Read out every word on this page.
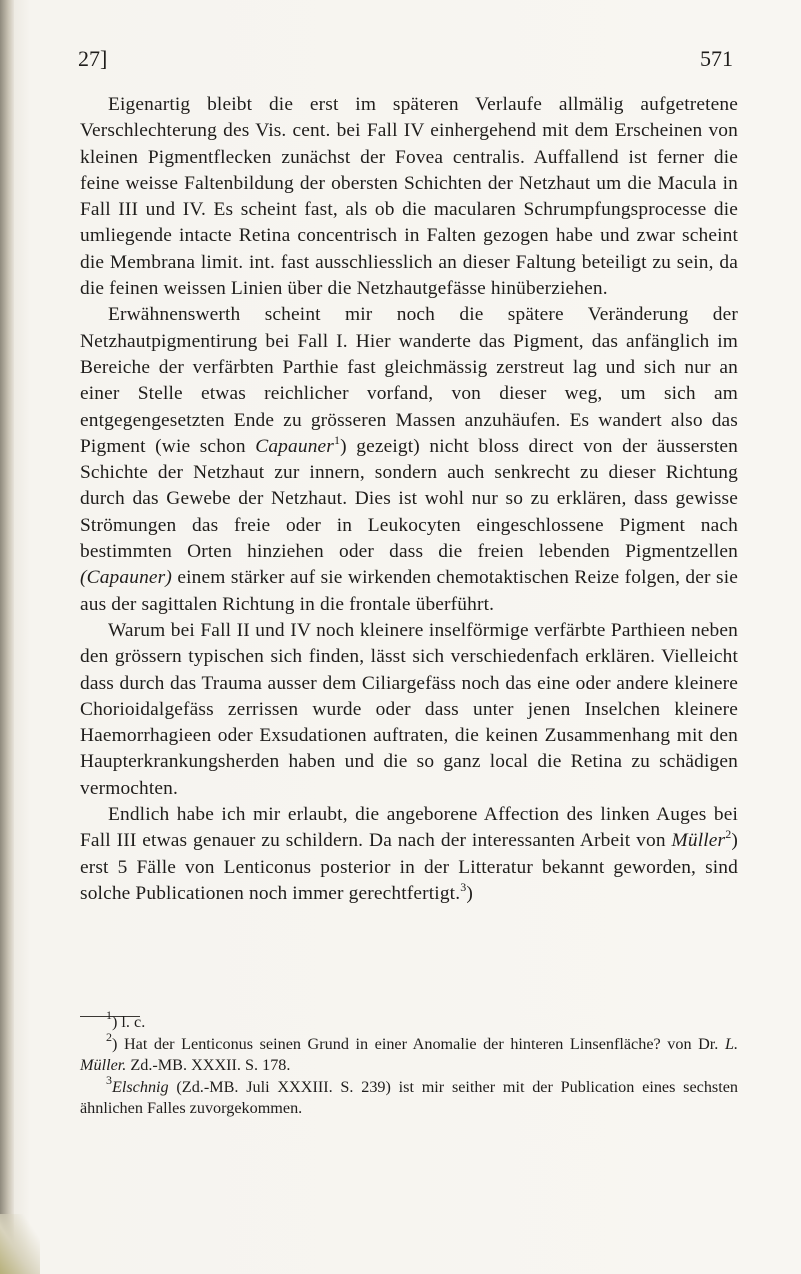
27]	571

Eigenartig bleibt die erst im späteren Verlaufe allmälig aufgetretene Verschlechterung des Vis. cent. bei Fall IV einhergehend mit dem Erscheinen von kleinen Pigmentflecken zunächst der Fovea centralis. Auffallend ist ferner die feine weisse Faltenbildung der obersten Schichten der Netzhaut um die Macula in Fall III und IV. Es scheint fast, als ob die macularen Schrumpfungsprocesse die umliegende intacte Retina concentrisch in Falten gezogen habe und zwar scheint die Membrana limit. int. fast ausschliesslich an dieser Faltung beteiligt zu sein, da die feinen weissen Linien über die Netzhautgefässe hinüberziehen.

Erwähnenswerth scheint mir noch die spätere Veränderung der Netzhautpigmentirung bei Fall I. Hier wanderte das Pigment, das anfänglich im Bereiche der verfärbten Parthie fast gleichmässig zerstreut lag und sich nur an einer Stelle etwas reichlicher vorfand, von dieser weg, um sich am entgegengesetzten Ende zu grösseren Massen anzuhäufen. Es wandert also das Pigment (wie schon Capauner$^1$) gezeigt) nicht bloss direct von der äussersten Schichte der Netzhaut zur innern, sondern auch senkrecht zu dieser Richtung durch das Gewebe der Netzhaut. Dies ist wohl nur so zu erklären, dass gewisse Strömungen das freie oder in Leukocyten eingeschlossene Pigment nach bestimmten Orten hinziehen oder dass die freien lebenden Pigmentzellen (Capauner) einem stärker auf sie wirkenden chemotaktischen Reize folgen, der sie aus der sagittalen Richtung in die frontale überführt.

Warum bei Fall II und IV noch kleinere inselförmige verfärbte Parthieen neben den grössern typischen sich finden, lässt sich verschiedenfach erklären. Vielleicht dass durch das Trauma ausser dem Ciliargefäss noch das eine oder andere kleinere Chorioidalgefäss zerrissen wurde oder dass unter jenen Inselchen kleinere Haemorrhagieen oder Exsudationen auftraten, die keinen Zusammenhang mit den Haupterkrankungsherden haben und die so ganz local die Retina zu schädigen vermochten.

Endlich habe ich mir erlaubt, die angeborene Affection des linken Auges bei Fall III etwas genauer zu schildern. Da nach der interessanten Arbeit von Müller$^2$) erst 5 Fälle von Lenticonus posterior in der Litteratur bekannt geworden, sind solche Publicationen noch immer gerechtfertigt.$^3$)

$^1$) l. c.

$^2$) Hat der Lenticonus seinen Grund in einer Anomalie der hinteren Linsenfläche? von Dr. L. Müller. Zd.-MB. XXXII. S. 178.

$^3$Elschnig (Zd.-MB. Juli XXXIII. S. 239) ist mir seither mit der Publication eines sechsten ähnlichen Falles zuvorgekommen.
